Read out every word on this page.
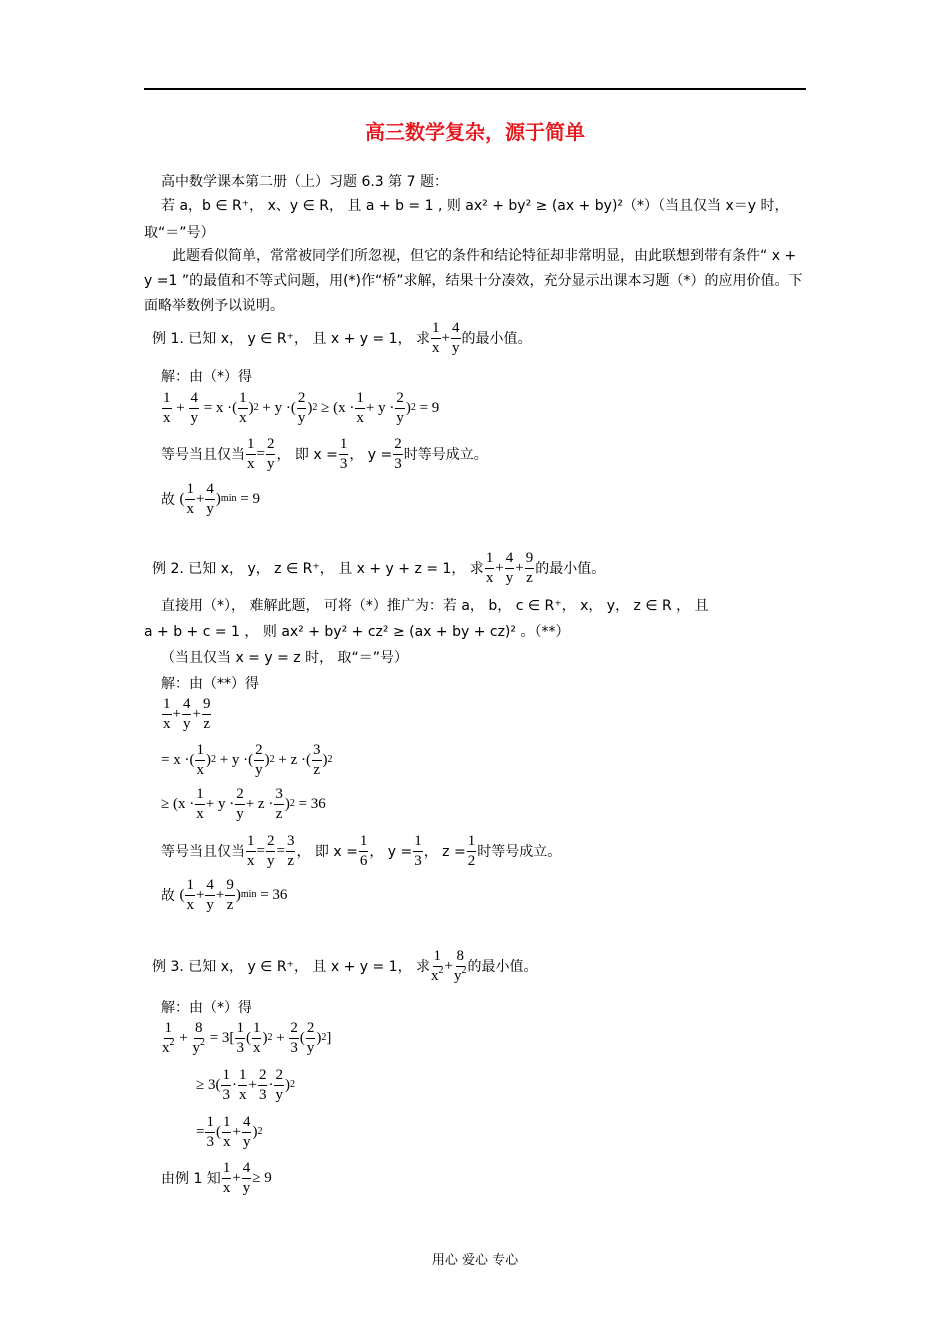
高三数学复杂，源于简单
高中数学课本第二册（上）习题 6.3 第 7 题：
若 a，b ∈ R⁺， x、y ∈ R， 且 a + b = 1 , 则 ax² + by² ≥ (ax + by)²（*）（当且仅当 x＝y 时，
取“＝”号）
此题看似简单，常常被同学们所忽视，但它的条件和结论特征却非常明显，由此联想到带有条件“ x + y =1 ”的最值和不等式问题，用(*)作“桥”求解，结果十分凑效，充分显示出课本习题（*）的应用价值。下面略举数例予以说明。
例 1. 已知 x， y ∈ R⁺， 且 x + y = 1， 求 $\frac{1}{x} + \frac{4}{y}$ 的最小值。
解：由（*）得
$\frac{1}{x} + \frac{4}{y} = x$ ·( $\frac{1}{x}$ ) 2 + y ·( $\frac{2}{y}$ ) $2 \ge (x \cdot \frac{1}{x} + y \cdot \frac{2}{y}$ ) 2 = 9
等号当且仅当 $\frac{1}{x} = \frac{2}{y}$ ， 即 $x = \frac{1}{3}$ ， $y = \frac{2}{3}$ 时等号成立。
故 ( $\frac{1}{x} + \frac{4}{y}$ ) min = 9
例 2. 已知 x， y， z ∈ R⁺， 且 x + y + z = 1， 求 $\frac{1}{x} + \frac{4}{y} + \frac{9}{z}$ 的最小值。
直接用（*）， 难解此题， 可将（*）推广为：若 a， b， c ∈ R⁺， x， y， z ∈ R ， 且
a + b + c = 1 ， 则 ax² + by² + cz² ≥ (ax + by + cz)² 。（**）
（当且仅当 x = y = z 时， 取“＝”号）
解：由（**）得
$\frac{1}{x} + \frac{4}{y} + \frac{9}{z}$
= x ·( $\frac{1}{x}$ ) 2 + y ·( $\frac{2}{y}$ ) 2 + z ·( $\frac{3}{z}$ ) 2
≥ ($x \cdot \frac{1}{x} + y \cdot \frac{2}{y} + z \cdot \frac{3}{z}$ ) 2 = 36
等号当且仅当 $\frac{1}{x} = \frac{2}{y} = \frac{3}{z}$ ， 即 $x = \frac{1}{6}$ ， $y = \frac{1}{3}$ ， $z = \frac{1}{2}$ 时等号成立。
故 ( $\frac{1}{x} + \frac{4}{y} + \frac{9}{z}$ ) min
= 36
例 3. 已知 x， y ∈ R⁺， 且 x + y = 1， 求 $\frac{1}{x^2} + \frac{8}{y^2}$ 的最小值。
解：由（*）得
$\frac{1}{x^2} + \frac{8}{y^2} = 3[ \frac{1}{3}$ ( $\frac{1}{x}$ ) $2 + \frac{2}{3}$ ( $\frac{2}{y}$ ) 2 ]
≥ $3( \frac{1}{3} \cdot \frac{1}{x} + \frac{2}{3} \cdot \frac{2}{y}$ ) 2
= $\frac{1}{3}$ ( $\frac{1}{x} + \frac{4}{y}$ ) 2
由例 1 知 $\frac{1}{x} + \frac{4}{y} \ge 9$
用心 爱心 专心
